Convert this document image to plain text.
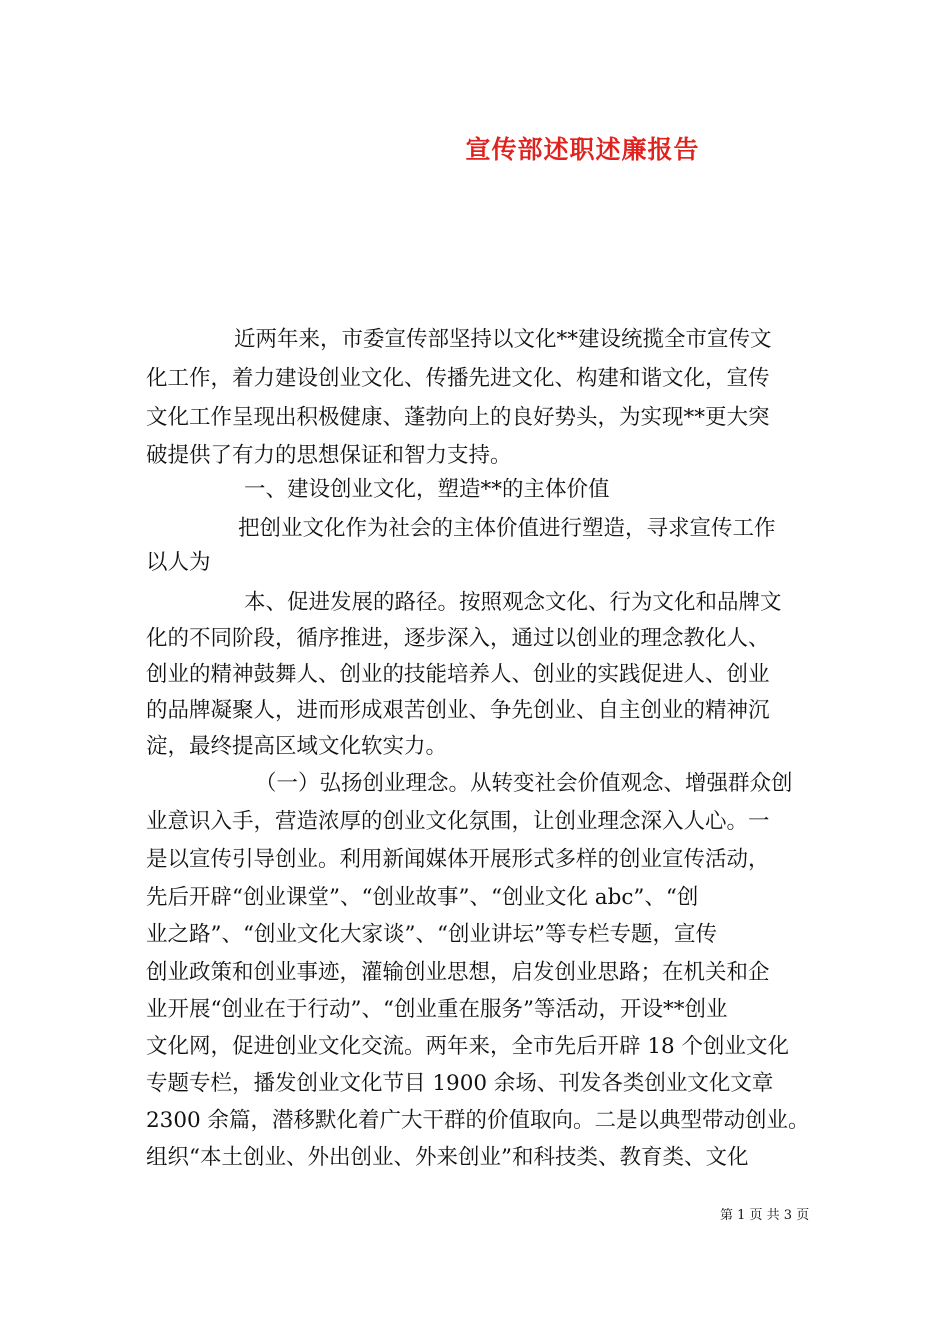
宣传部述职述廉报告
近两年来，市委宣传部坚持以文化**建设统揽全市宣传文
化工作，着力建设创业文化、传播先进文化、构建和谐文化，宣传
文化工作呈现出积极健康、蓬勃向上的良好势头，为实现**更大突
破提供了有力的思想保证和智力支持。
一、建设创业文化，塑造**的主体价值
把创业文化作为社会的主体价值进行塑造，寻求宣传工作
以人为
本、促进发展的路径。按照观念文化、行为文化和品牌文
化的不同阶段，循序推进，逐步深入，通过以创业的理念教化人、
创业的精神鼓舞人、创业的技能培养人、创业的实践促进人、创业
的品牌凝聚人，进而形成艰苦创业、争先创业、自主创业的精神沉
淀，最终提高区域文化软实力。
（一）弘扬创业理念。从转变社会价值观念、增强群众创
业意识入手，营造浓厚的创业文化氛围，让创业理念深入人心。一
是以宣传引导创业。利用新闻媒体开展形式多样的创业宣传活动，
先后开辟“创业课堂”、“创业故事”、“创业文化 abc”、“创
业之路”、“创业文化大家谈”、“创业讲坛”等专栏专题，宣传
创业政策和创业事迹，灌输创业思想，启发创业思路；在机关和企
业开展“创业在于行动”、“创业重在服务”等活动，开设**创业
文化网，促进创业文化交流。两年来，全市先后开辟 18 个创业文化
专题专栏，播发创业文化节目 1900 余场、刊发各类创业文化文章
2300 余篇，潜移默化着广大干群的价值取向。二是以典型带动创业。
组织“本土创业、外出创业、外来创业”和科技类、教育类、文化
第 1 页 共 3 页
